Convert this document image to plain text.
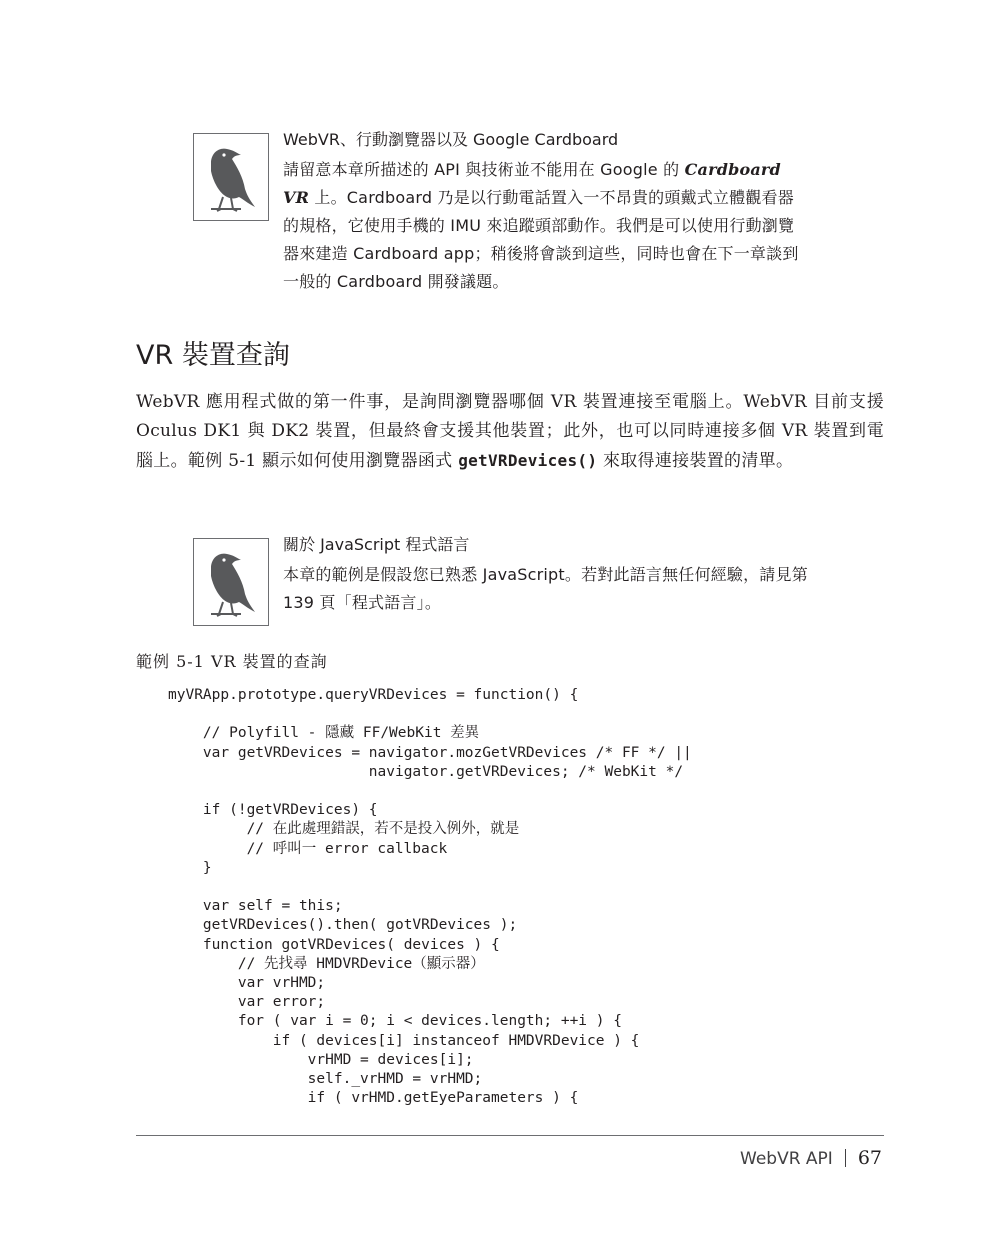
WebVR、行動瀏覽器以及 Google Cardboard

請留意本章所描述的 API 與技術並不能用在 Google 的 Cardboard VR 上。Cardboard 乃是以行動電話置入一不昂貴的頭戴式立體觀看器的規格，它使用手機的 IMU 來追蹤頭部動作。我們是可以使用行動瀏覽器來建造 Cardboard app；稍後將會談到這些，同時也會在下一章談到一般的 Cardboard 開發議題。

VR 裝置查詢

WebVR 應用程式做的第一件事，是詢問瀏覽器哪個 VR 裝置連接至電腦上。WebVR 目前支援 Oculus DK1 與 DK2 裝置，但最終會支援其他裝置；此外，也可以同時連接多個 VR 裝置到電腦上。範例 5-1 顯示如何使用瀏覽器函式 getVRDevices() 來取得連接裝置的清單。

關於 JavaScript 程式語言

本章的範例是假設您已熟悉 JavaScript。若對此語言無任何經驗，請見第 139 頁「程式語言」。

範例 5-1 VR 裝置的查詢

myVRApp.prototype.queryVRDevices = function() {

// Polyfill - 隱藏 FF/WebKit 差異
var getVRDevices = navigator.mozGetVRDevices /* FF */ ||
navigator.getVRDevices; /* WebKit */

if (!getVRDevices) {
// 在此處理錯誤，若不是投入例外，就是
// 呼叫一 error callback
}

var self = this;
getVRDevices().then( gotVRDevices );
function gotVRDevices( devices ) {
// 先找尋 HMDVRDevice（顯示器）
var vrHMD;
var error;
for ( var i = 0; i < devices.length; ++i ) {
if ( devices[i] instanceof HMDVRDevice ) {
vrHMD = devices[i];
self._vrHMD = vrHMD;
if ( vrHMD.getEyeParameters ) {
WebVR API 67
